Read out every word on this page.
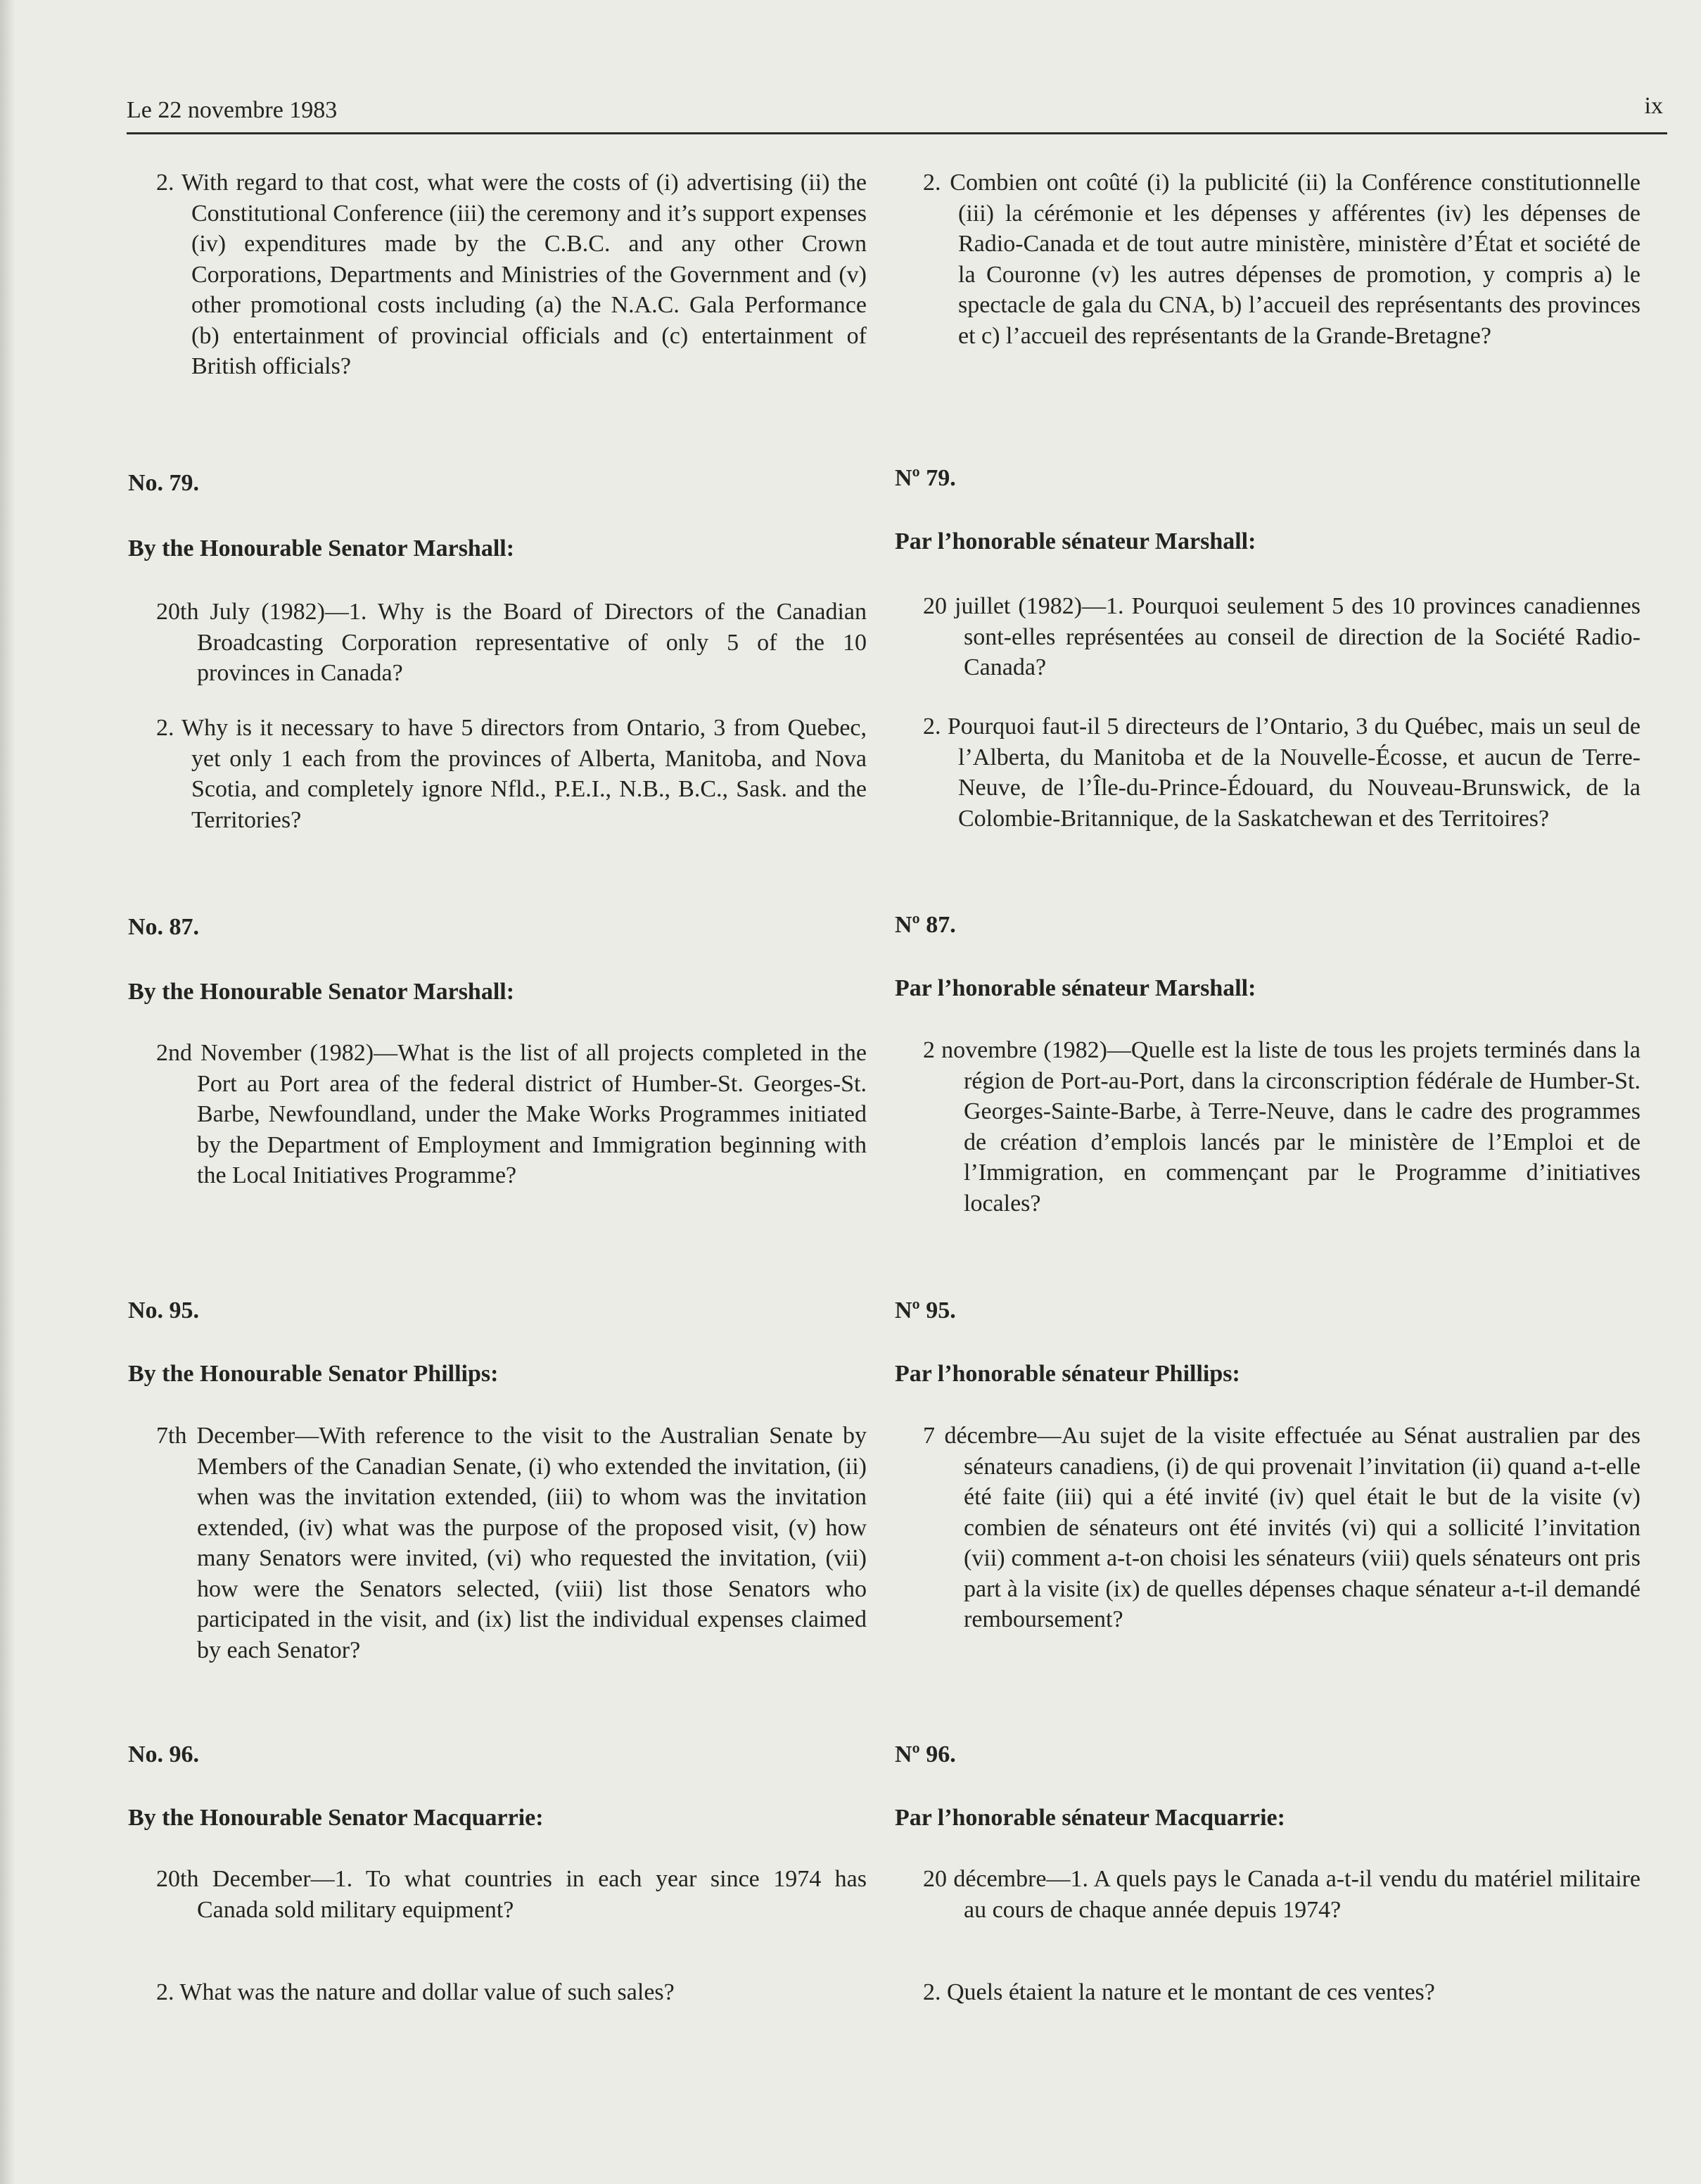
Le 22 novembre 1983	ix
2. With regard to that cost, what were the costs of (i) advertising (ii) the Constitutional Conference (iii) the ceremony and it’s support expenses (iv) expenditures made by the C.B.C. and any other Crown Corporations, Departments and Ministries of the Government and (v) other promotional costs including (a) the N.A.C. Gala Performance (b) entertainment of provincial officials and (c) entertainment of British officials?
No. 79.
By the Honourable Senator Marshall:
20th July (1982)—1. Why is the Board of Directors of the Canadian Broadcasting Corporation representative of only 5 of the 10 provinces in Canada?
2. Why is it necessary to have 5 directors from Ontario, 3 from Quebec, yet only 1 each from the provinces of Alberta, Manitoba, and Nova Scotia, and completely ignore Nfld., P.E.I., N.B., B.C., Sask. and the Territories?
No. 87.
By the Honourable Senator Marshall:
2nd November (1982)—What is the list of all projects completed in the Port au Port area of the federal district of Humber-St. Georges-St. Barbe, Newfoundland, under the Make Works Programmes initiated by the Department of Employment and Immigration beginning with the Local Initiatives Programme?
No. 95.
By the Honourable Senator Phillips:
7th December—With reference to the visit to the Australian Senate by Members of the Canadian Senate, (i) who extended the invitation, (ii) when was the invitation extended, (iii) to whom was the invitation extended, (iv) what was the purpose of the proposed visit, (v) how many Senators were invited, (vi) who requested the invitation, (vii) how were the Senators selected, (viii) list those Senators who participated in the visit, and (ix) list the individual expenses claimed by each Senator?
No. 96.
By the Honourable Senator Macquarrie:
20th December—1. To what countries in each year since 1974 has Canada sold military equipment?
2. What was the nature and dollar value of such sales?
2. Combien ont coûté (i) la publicité (ii) la Conférence constitutionnelle (iii) la cérémonie et les dépenses y afférentes (iv) les dépenses de Radio-Canada et de tout autre ministère, ministère d’État et société de la Couronne (v) les autres dépenses de promotion, y compris a) le spectacle de gala du CNA, b) l’accueil des représentants des provinces et c) l’accueil des représentants de la Grande-Bretagne?
Nº 79.
Par l’honorable sénateur Marshall:
20 juillet (1982)—1. Pourquoi seulement 5 des 10 provinces canadiennes sont-elles représentées au conseil de direction de la Société Radio-Canada?
2. Pourquoi faut-il 5 directeurs de l’Ontario, 3 du Québec, mais un seul de l’Alberta, du Manitoba et de la Nouvelle-Écosse, et aucun de Terre-Neuve, de l’Île-du-Prince-Édouard, du Nouveau-Brunswick, de la Colombie-Britannique, de la Saskatchewan et des Territoires?
Nº 87.
Par l’honorable sénateur Marshall:
2 novembre (1982)—Quelle est la liste de tous les projets terminés dans la région de Port-au-Port, dans la circonscription fédérale de Humber-St. Georges-Sainte-Barbe, à Terre-Neuve, dans le cadre des programmes de création d’emplois lancés par le ministère de l’Emploi et de l’Immigration, en commençant par le Programme d’initiatives locales?
Nº 95.
Par l’honorable sénateur Phillips:
7 décembre—Au sujet de la visite effectuée au Sénat australien par des sénateurs canadiens, (i) de qui provenait l’invitation (ii) quand a-t-elle été faite (iii) qui a été invité (iv) quel était le but de la visite (v) combien de sénateurs ont été invités (vi) qui a sollicité l’invitation (vii) comment a-t-on choisi les sénateurs (viii) quels sénateurs ont pris part à la visite (ix) de quelles dépenses chaque sénateur a-t-il demandé remboursement?
Nº 96.
Par l’honorable sénateur Macquarrie:
20 décembre—1. A quels pays le Canada a-t-il vendu du matériel militaire au cours de chaque année depuis 1974?
2. Quels étaient la nature et le montant de ces ventes?
